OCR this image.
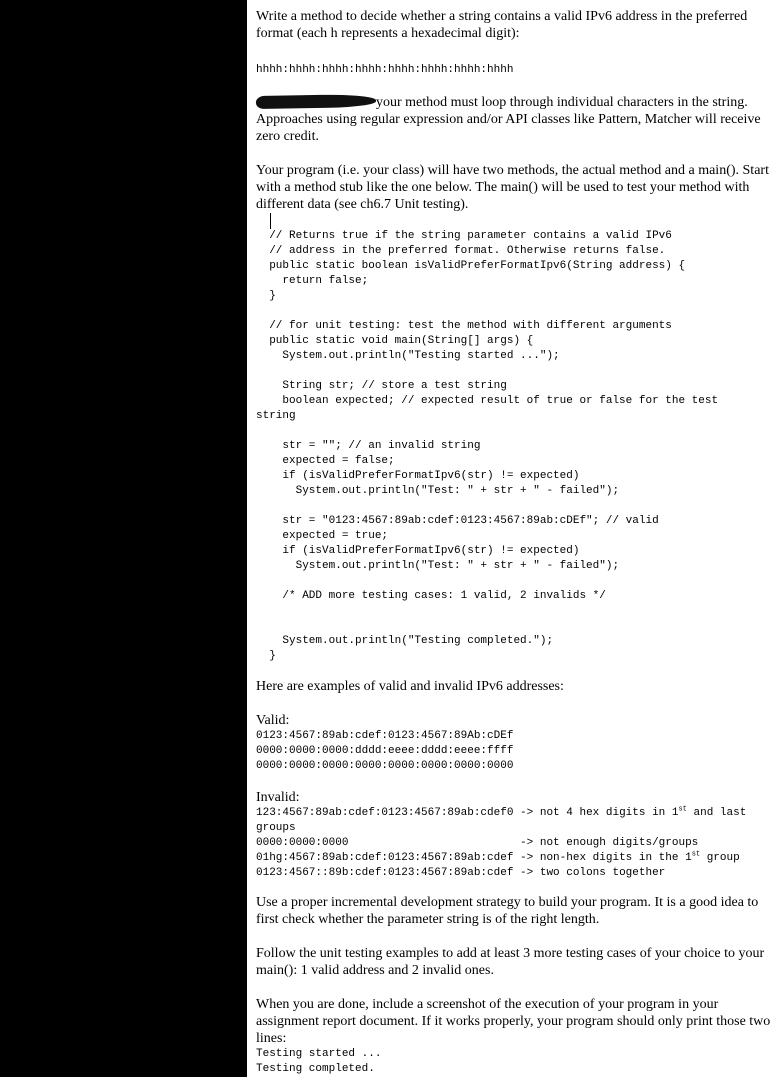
Write a method to decide whether a string contains a valid IPv6 address in the preferred format (each h represents a hexadecimal digit):

hhhh:hhhh:hhhh:hhhh:hhhh:hhhh:hhhh:hhhh

your method must loop through individual characters in the string. Approaches using regular expression and/or API classes like Pattern, Matcher will receive zero credit.

Your program (i.e. your class) will have two methods, the actual method and a main(). Start with a method stub like the one below. The main() will be used to test your method with different data (see ch6.7 Unit testing).

// Returns true if the string parameter contains a valid IPv6
// address in the preferred format. Otherwise returns false.
public static boolean isValidPreferFormatIpv6(String address) {
return false;
}

// for unit testing: test the method with different arguments
public static void main(String[] args) {
System.out.println("Testing started ...");

String str; // store a test string
boolean expected; // expected result of true or false for the test
string

str = ""; // an invalid string
expected = false;
if (isValidPreferFormatIpv6(str) != expected)
System.out.println("Test: " + str + " - failed");

str = "0123:4567:89ab:cdef:0123:4567:89ab:cDEf"; // valid
expected = true;
if (isValidPreferFormatIpv6(str) != expected)
System.out.println("Test: " + str + " - failed");

/* ADD more testing cases: 1 valid, 2 invalids */

System.out.println("Testing completed.");
}

Here are examples of valid and invalid IPv6 addresses:

Valid:

0123:4567:89ab:cdef:0123:4567:89Ab:cDEf
0000:0000:0000:dddd:eeee:dddd:eeee:ffff
0000:0000:0000:0000:0000:0000:0000:0000

Invalid:

123:4567:89ab:cdef:0123:4567:89ab:cdef0 -> not 4 hex digits in 1st and last
groups
0000:0000:0000                          -> not enough digits/groups
01hg:4567:89ab:cdef:0123:4567:89ab:cdef -> non-hex digits in the 1st group
0123:4567::89b:cdef:0123:4567:89ab:cdef -> two colons together

Use a proper incremental development strategy to build your program. It is a good idea to first check whether the parameter string is of the right length.

Follow the unit testing examples to add at least 3 more testing cases of your choice to your main(): 1 valid address and 2 invalid ones.

When you are done, include a screenshot of the execution of your program in your assignment report document. If it works properly, your program should only print those two lines:

Testing started ...
Testing completed.
